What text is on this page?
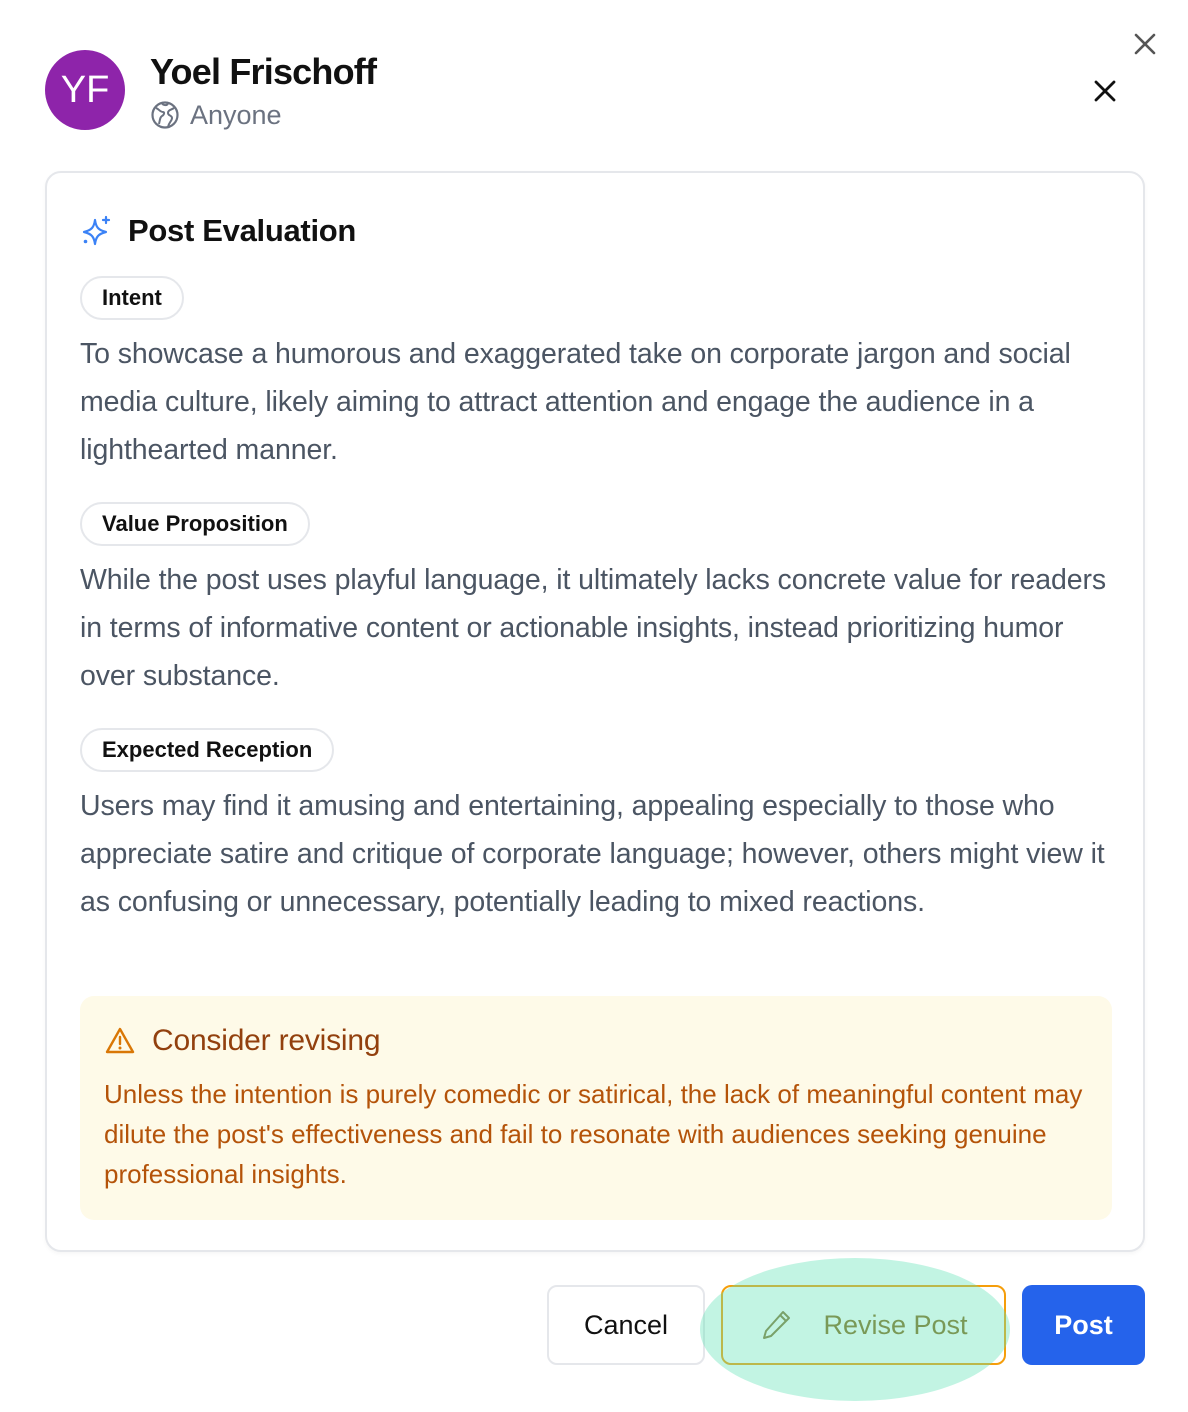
YF Yoel Frischoff
Anyone
Post Evaluation
Intent
To showcase a humorous and exaggerated take on corporate jargon and social media culture, likely aiming to attract attention and engage the audience in a lighthearted manner.
Value Proposition
While the post uses playful language, it ultimately lacks concrete value for readers in terms of informative content or actionable insights, instead prioritizing humor over substance.
Expected Reception
Users may find it amusing and entertaining, appealing especially to those who appreciate satire and critique of corporate language; however, others might view it as confusing or unnecessary, potentially leading to mixed reactions.
Consider revising
Unless the intention is purely comedic or satirical, the lack of meaningful content may dilute the post's effectiveness and fail to resonate with audiences seeking genuine professional insights.
Cancel	Revise Post	Post
